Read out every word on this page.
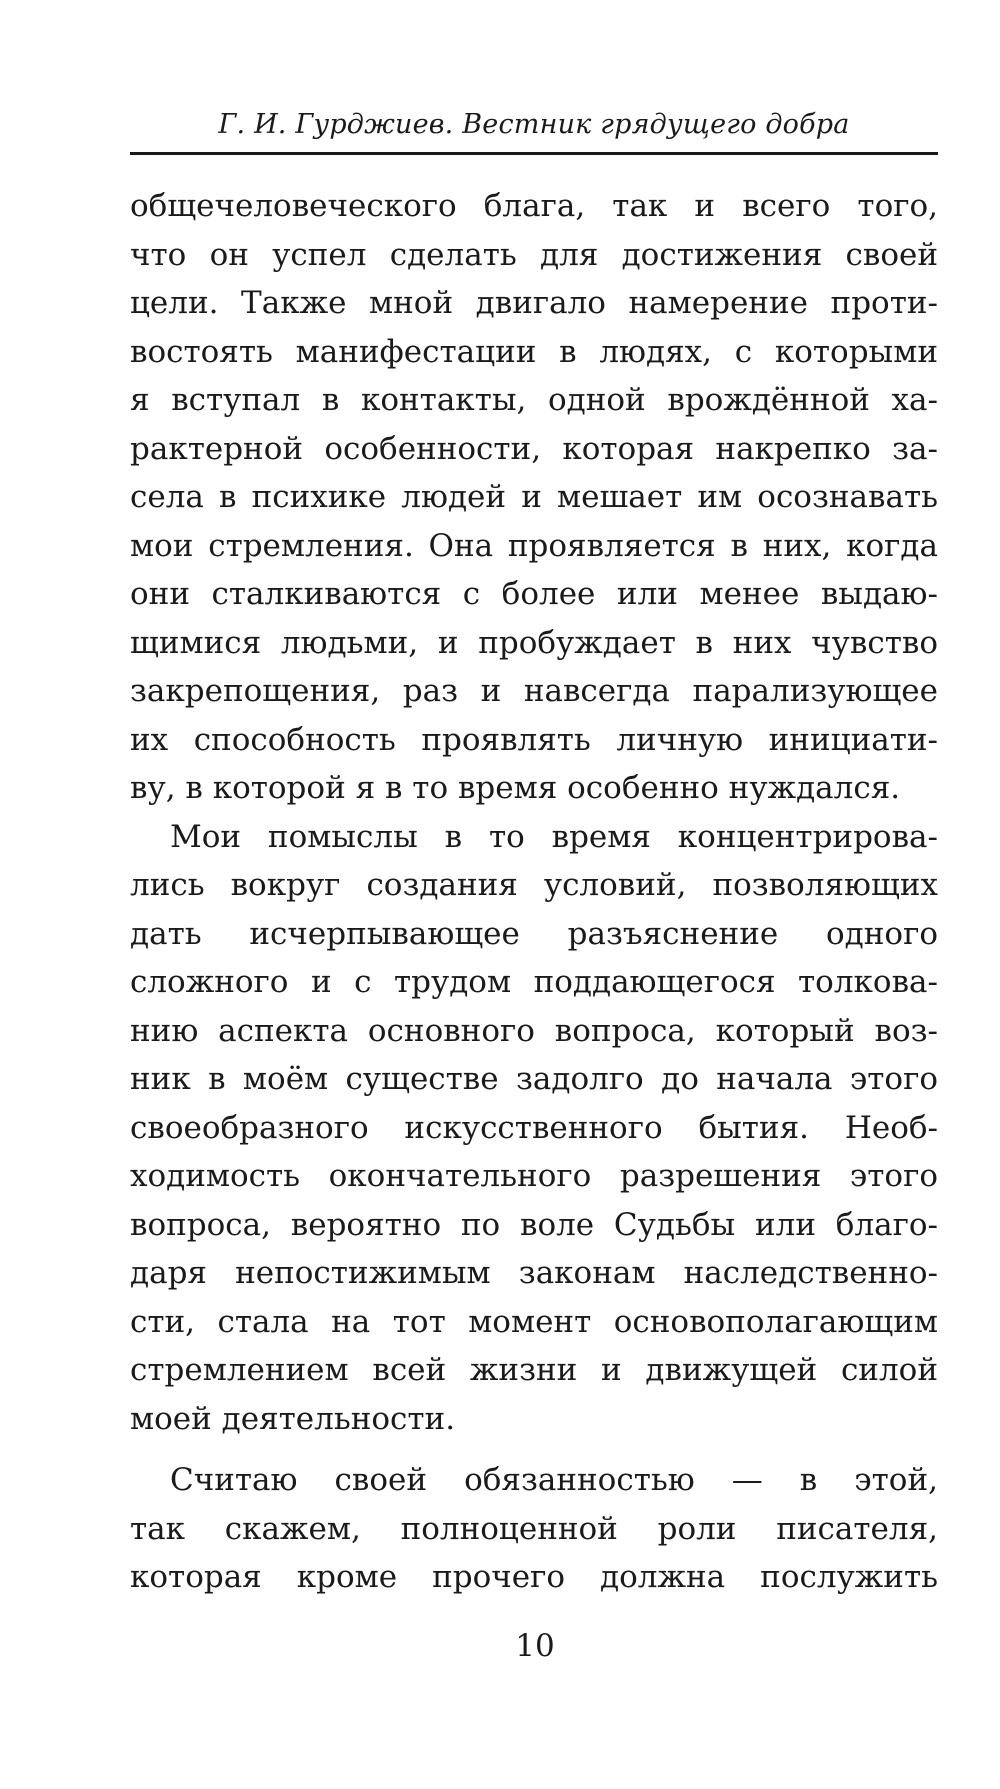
Г. И. Гурджиев. Вестник грядущего добра
общечеловеческого блага, так и всего того,
что он успел сделать для достижения своей
цели. Также мной двигало намерение проти-
востоять манифестации в людях, с которыми
я вступал в контакты, одной врождённой ха-
рактерной особенности, которая накрепко за-
села в психике людей и мешает им осознавать
мои стремления. Она проявляется в них, когда
они сталкиваются с более или менее выдаю-
щимися людьми, и пробуждает в них чувство
закрепощения, раз и навсегда парализующее
их способность проявлять личную инициати-
ву, в которой я в то время особенно нуждался.
Мои помыслы в то время концентрирова-
лись вокруг создания условий, позволяющих
дать исчерпывающее разъяснение одного
сложного и с трудом поддающегося толкова-
нию аспекта основного вопроса, который воз-
ник в моём существе задолго до начала этого
своеобразного искусственного бытия. Необ-
ходимость окончательного разрешения этого
вопроса, вероятно по воле Судьбы или благо-
даря непостижимым законам наследственно-
сти, стала на тот момент основополагающим
стремлением всей жизни и движущей силой
моей деятельности.
Считаю своей обязанностью — в этой,
так скажем, полноценной роли писателя,
которая кроме прочего должна послужить
10
